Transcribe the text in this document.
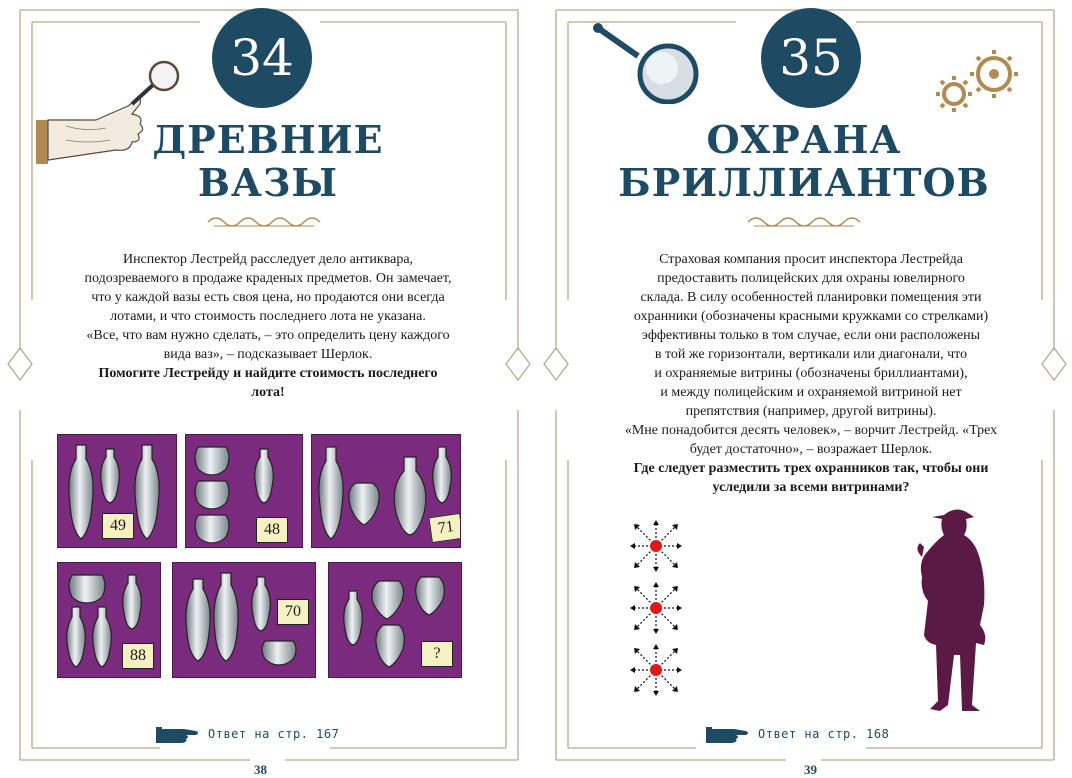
34
ДРЕВНИЕ
ВАЗЫ
Инспектор Лестрейд расследует дело антиквара,
подозреваемого в продаже краденых предметов. Он замечает,
что у каждой вазы есть своя цена, но продаются они всегда
лотами, и что стоимость последнего лота не указана.
«Все, что вам нужно сделать, – это определить цену каждого
вида ваз», – подсказывает Шерлок.
Помогите Лестрейду и найдите стоимость последнего
лота!
49	48	71
88
70
?
Ответ на стр. 167
38
35
ОХРАНА
БРИЛЛИАНТОВ
Страховая компания просит инспектора Лестрейда
предоставить полицейских для охраны ювелирного
склада. В силу особенностей планировки помещения эти
охранники (обозначены красными кружками со стрелками)
эффективны только в том случае, если они расположены
в той же горизонтали, вертикали или диагонали, что
и охраняемые витрины (обозначены бриллиантами),
и между полицейским и охраняемой витриной нет
препятствия (например, другой витрины).
«Мне понадобится десять человек», – ворчит Лестрейд. «Трех
будет достаточно», – возражает Шерлок.
Где следует разместить трех охранников так, чтобы они
уследили за всеми витринами?

Ответ на стр. 168
39
